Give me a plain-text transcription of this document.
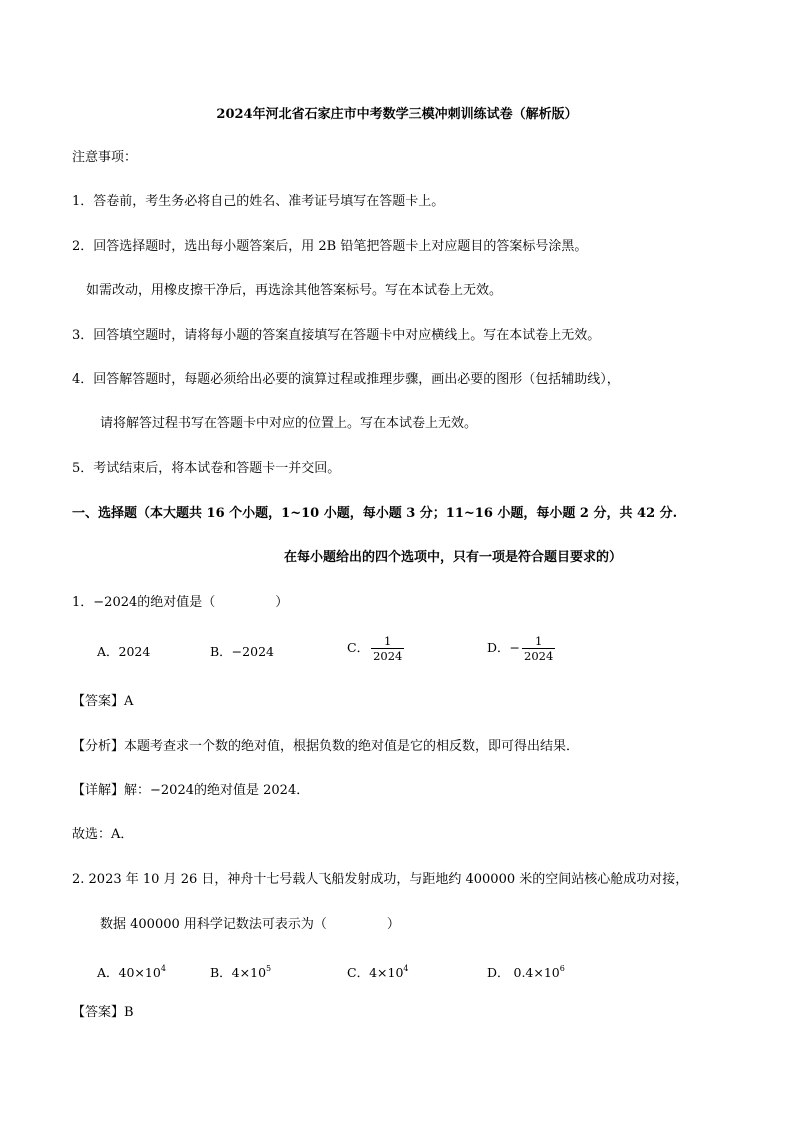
2024年河北省石家庄市中考数学三模冲刺训练试卷（解析版）
注意事项：
1．答卷前，考生务必将自己的姓名、准考证号填写在答题卡上。
2．回答选择题时，选出每小题答案后，用 2B 铅笔把答题卡上对应题目的答案标号涂黑。
如需改动，用橡皮擦干净后，再选涂其他答案标号。写在本试卷上无效。
3．回答填空题时，请将每小题的答案直接填写在答题卡中对应横线上。写在本试卷上无效。
4．回答解答题时，每题必须给出必要的演算过程或推理步骤，画出必要的图形（包括辅助线），
请将解答过程书写在答题卡中对应的位置上。写在本试卷上无效。
5．考试结束后，将本试卷和答题卡一并交回。
一、选择题（本大题共 16 个小题，1~10 小题，每小题 3 分；11~16 小题，每小题 2 分，共 42 分.
在每小题给出的四个选项中，只有一项是符合题目要求的）
1．−2024的绝对值是（	）
A．2024	B．−2024	C． $\frac{1}{2024}$	D．− $\frac{1}{2024}$
【答案】A
【分析】本题考查求一个数的绝对值，根据负数的绝对值是它的相反数，即可得出结果．
【详解】解：−2024的绝对值是 2024．
故选：A．
2. 2023 年 10 月 26 日，神舟十七号载人飞船发射成功，与距地约 400000 米的空间站核心舱成功对接，
数据 400000 用科学记数法可表示为（	）
A．$40\times 10^4$	B．$4\times 10^5$	C．$4\times 10^4$	D． $0.4\times 10^6$
【答案】B
